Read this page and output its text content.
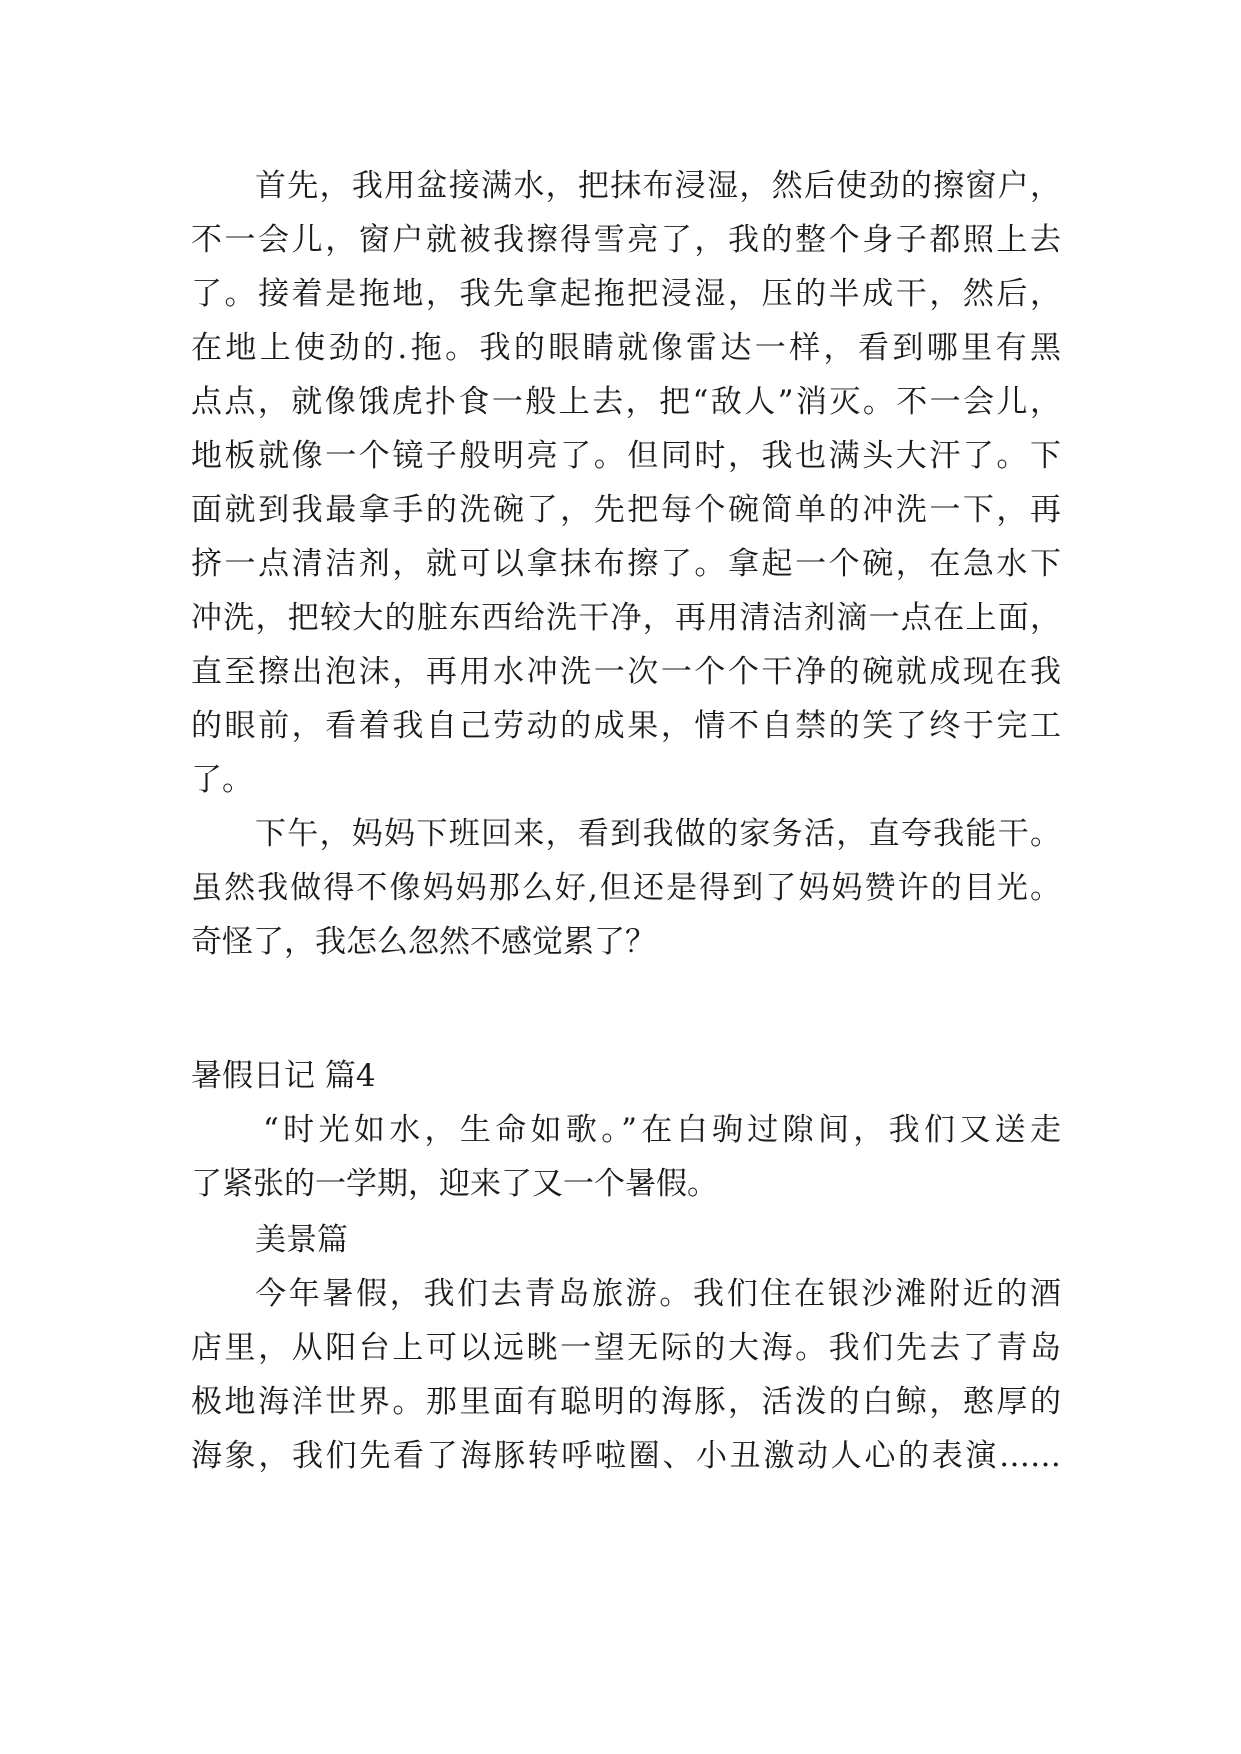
首先，我用盆接满水，把抹布浸湿，然后使劲的擦窗户，

不一会儿，窗户就被我擦得雪亮了，我的整个身子都照上去

了。接着是拖地，我先拿起拖把浸湿，压的半成干，然后，

在地上使劲的.拖。我的眼睛就像雷达一样，看到哪里有黑

点点，就像饿虎扑食一般上去，把“敌人”消灭。不一会儿，

地板就像一个镜子般明亮了。但同时，我也满头大汗了。下

面就到我最拿手的洗碗了，先把每个碗简单的冲洗一下，再

挤一点清洁剂，就可以拿抹布擦了。拿起一个碗，在急水下

冲洗，把较大的脏东西给洗干净，再用清洁剂滴一点在上面，

直至擦出泡沫，再用水冲洗一次一个个干净的碗就成现在我

的眼前，看着我自己劳动的成果，情不自禁的笑了终于完工

了。

下午，妈妈下班回来，看到我做的家务活，直夸我能干。

虽然我做得不像妈妈那么好,但还是得到了妈妈赞许的目光。

奇怪了，我怎么忽然不感觉累了？

暑假日记 篇4

“时光如水，生命如歌。”在白驹过隙间，我们又送走

了紧张的一学期，迎来了又一个暑假。

美景篇

今年暑假，我们去青岛旅游。我们住在银沙滩附近的酒

店里，从阳台上可以远眺一望无际的大海。我们先去了青岛

极地海洋世界。那里面有聪明的海豚，活泼的白鲸，憨厚的

海象，我们先看了海豚转呼啦圈、小丑激动人心的表演……
